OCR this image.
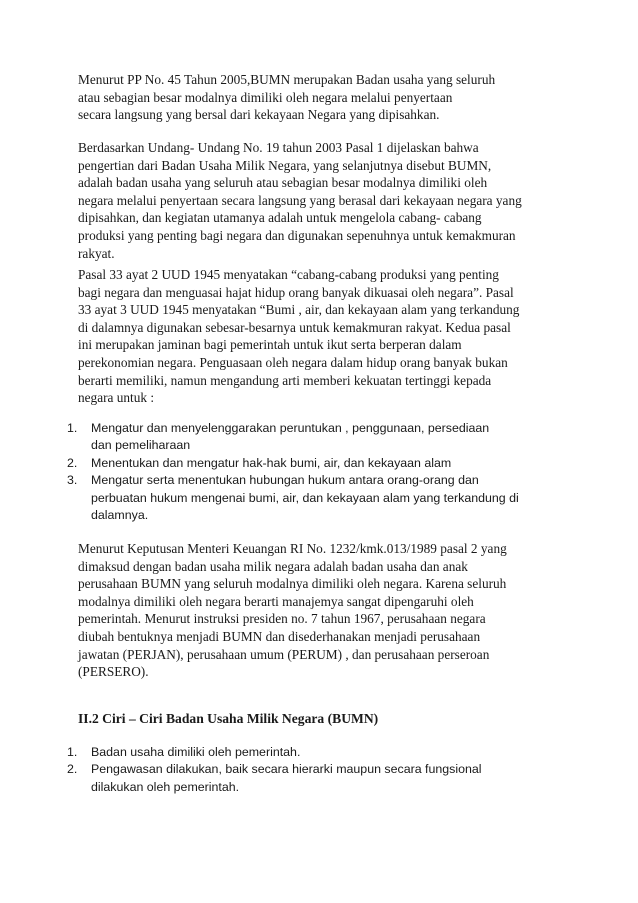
Menurut PP No. 45 Tahun 2005,BUMN merupakan Badan usaha yang seluruh
atau sebagian besar modalnya dimiliki oleh negara melalui penyertaan
secara langsung yang bersal dari kekayaan Negara yang dipisahkan.

Berdasarkan Undang- Undang No. 19 tahun 2003 Pasal 1 dijelaskan bahwa
pengertian dari Badan Usaha Milik Negara, yang selanjutnya disebut BUMN,
adalah badan usaha yang seluruh atau sebagian besar modalnya dimiliki oleh
negara melalui penyertaan secara langsung yang berasal dari kekayaan negara yang
dipisahkan, dan kegiatan utamanya adalah untuk mengelola cabang- cabang
produksi yang penting bagi negara dan digunakan sepenuhnya untuk kemakmuran
rakyat.

Pasal 33 ayat 2 UUD 1945 menyatakan “cabang-cabang produksi yang penting
bagi negara dan menguasai hajat hidup orang banyak dikuasai oleh negara”. Pasal
33 ayat 3 UUD 1945 menyatakan “Bumi , air, dan kekayaan alam yang terkandung
di dalamnya digunakan sebesar-besarnya untuk kemakmuran rakyat. Kedua pasal
ini merupakan jaminan bagi pemerintah untuk ikut serta berperan dalam
perekonomian negara. Penguasaan oleh negara dalam hidup orang banyak bukan
berarti memiliki, namun mengandung arti memberi kekuatan tertinggi kepada
negara untuk :

1. Mengatur dan menyelenggarakan peruntukan , penggunaan, persediaan
dan pemeliharaan
2. Menentukan dan mengatur hak-hak bumi, air, dan kekayaan alam
3. Mengatur serta menentukan hubungan hukum antara orang-orang dan
perbuatan hukum mengenai bumi, air, dan kekayaan alam yang terkandung di
dalamnya.

Menurut Keputusan Menteri Keuangan RI No. 1232/kmk.013/1989 pasal 2 yang
dimaksud dengan badan usaha milik negara adalah badan usaha dan anak
perusahaan BUMN yang seluruh modalnya dimiliki oleh negara. Karena seluruh
modalnya dimiliki oleh negara berarti manajemya sangat dipengaruhi oleh
pemerintah. Menurut instruksi presiden no. 7 tahun 1967, perusahaan negara
diubah bentuknya menjadi BUMN dan disederhanakan menjadi perusahaan
jawatan (PERJAN), perusahaan umum (PERUM) , dan perusahaan perseroan
(PERSERO).

II.2 Ciri – Ciri Badan Usaha Milik Negara (BUMN)
1. Badan usaha dimiliki oleh pemerintah.
2. Pengawasan dilakukan, baik secara hierarki maupun secara fungsional
dilakukan oleh pemerintah.
